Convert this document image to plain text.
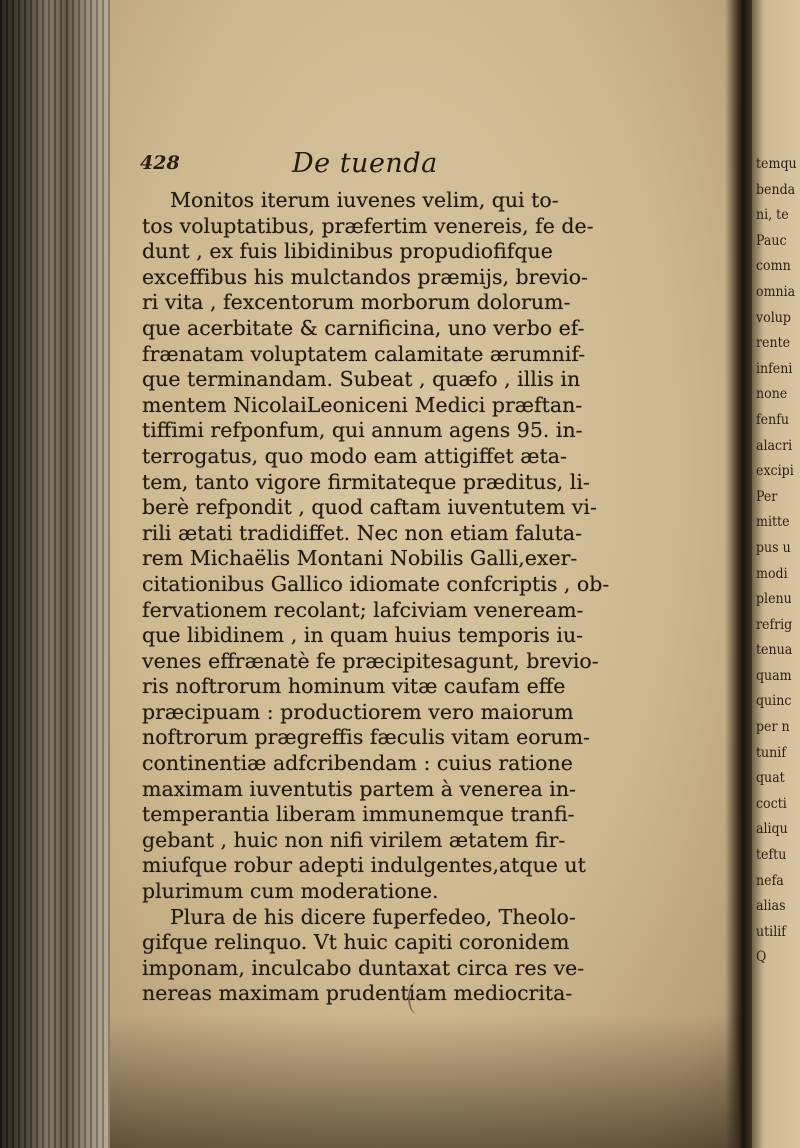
428	De tuenda
Monitos iterum iuvenes velim, qui to-
tos voluptatibus, præfertim venereis, fe de-
dunt , ex fuis libidinibus propudiofifque
exceffibus his mulctandos præmijs, brevio-
ri vita , fexcentorum morborum dolorum-
que acerbitate & carnificina, uno verbo ef-
frænatam voluptatem calamitate ærumnif-
que terminandam. Subeat , quæfo , illis in
mentem NicolaiLeoniceni Medici præftan-
tiffimi refponfum, qui annum agens 95. in-
terrogatus, quo modo eam attigiffet æta-
tem, tanto vigore firmitateque præditus, li-
berè refpondit , quod caftam iuventutem vi-
rili ætati tradidiffet. Nec non etiam faluta-
rem Michaëlis Montani Nobilis Galli,exer-
citationibus Gallico idiomate confcriptis , ob-
fervationem recolant; lafciviam veneream-
que libidinem , in quam huius temporis iu-
venes effrænatè fe præcipitesagunt, brevio-
ris noftrorum hominum vitæ caufam effe
præcipuam : productiorem vero maiorum
noftrorum prægreffis fæculis vitam eorum-
continentiæ adfcribendam : cuius ratione
maximam iuventutis partem à venerea in-
temperantia liberam immunemque tranfi-
gebant , huic non nifi virilem ætatem fir-
miufque robur adepti indulgentes,atque ut
plurimum cum moderatione.
Plura de his dicere fuperfedeo, Theolo-
gifque relinquo. Vt huic capiti coronidem
imponam, inculcabo duntaxat circa res ve-
nereas maximam prudentiam mediocrita-
temqu
benda
ni, te
Pauc
comn
omnia
volup
rente
infeni
none
fenfu
alacri
excipi
Per
mitte
pus u
modi
plenu
refrig
tenua
quam
quinc
per n
tunif
quat
cocti
aliqu
teftu
nefa
alias
utilif
Q
